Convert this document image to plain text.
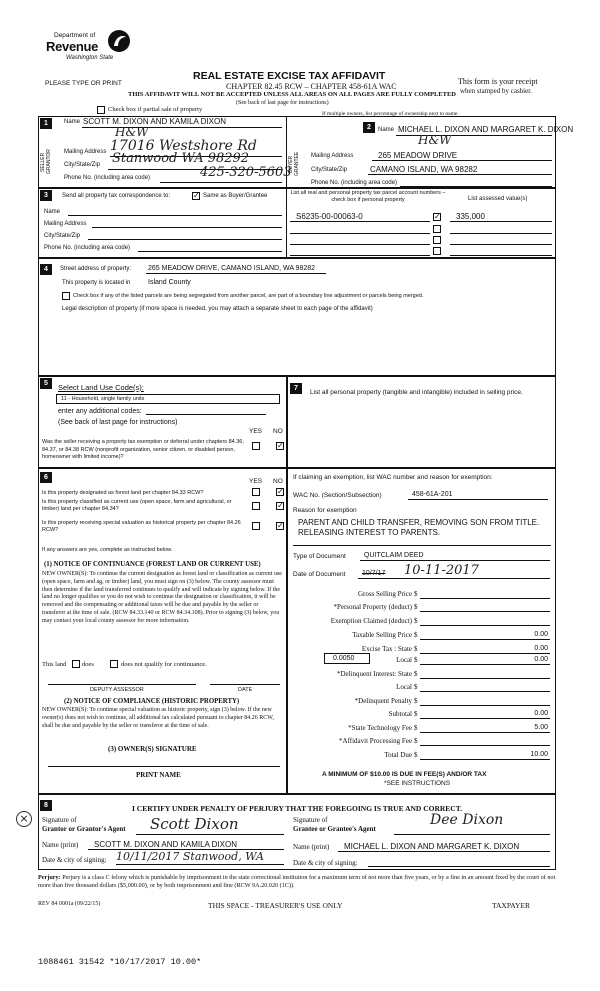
Department of
Revenue
Washington State
PLEASE TYPE OR PRINT
REAL ESTATE EXCISE TAX AFFIDAVIT
CHAPTER 82.45 RCW – CHAPTER 458-61A WAC
THIS AFFIDAVIT WILL NOT BE ACCEPTED UNLESS ALL AREAS ON ALL PAGES ARE FULLY COMPLETED
(See back of last page for instructions)
This form is your receipt
when stamped by cashier.
Check box if partial sale of property
If multiple owners, list percentage of ownership next to name.
1
SELLER GRANTOR
Name SCOTT M. DIXON AND KAMILA DIXON
H&W
Mailing Address 17016 Westshore Rd
City/State/Zip Stanwood WA 98292
Phone No. (including area code)	425-320-5603
2
BUYER GRANTEE
Name MICHAEL L. DIXON AND MARGARET K. DIXON
H&W
Mailing Address	265 MEADOW DRIVE
City/State/Zip	CAMANO ISLAND, WA 98282
Phone No. (including area code)
3	Send all property tax correspondence to:	✓ Same as Buyer/Grantee
Name
Mailing Address
City/State/Zip
Phone No. (including area code)
List all real and personal property tax parcel account numbers – check box if personal property	List assessed value(s)
S6235-00-00063-0	✓ 335,000
4	Street address of property: 265 MEADOW DRIVE, CAMANO ISLAND, WA 98282
This property is located in	Island County
Check box if any of the listed parcels are being segregated from another parcel, are part of a boundary line adjustment or parcels being merged.
Legal description of property (if more space is needed, you may attach a separate sheet to each page of the affidavit)
5	Select Land Use Code(s):
11 - Household, single family units
enter any additional codes:
(See back of last page for instructions)
YES NO
Was the seller receiving a property tax exemption or deferral under chapters 84.36, 84.37, or 84.38 RCW (nonprofit organization, senior citizen, or disabled person, homeowner with limited income)?
✓
7
List all personal property (tangible and intangible) included in selling price.
6
YES NO
Is this property designated as forest land per chapter 84.33 RCW?	✓
Is this property classified as current use (open space, farm and agricultural, or timber) land per chapter 84.34?	✓
Is this property receiving special valuation as historical property per chapter 84.26 RCW?	✓
If any answers are yes, complete as instructed below.
(1) NOTICE OF CONTINUANCE (FOREST LAND OR CURRENT USE)
NEW OWNER(S): To continue the current designation as forest land or classification as current use (open space, farm and ag, or timber) land, you must sign on (3) below. The county assessor must then determine if the land transferred continues to qualify and will indicate by signing below. If the land no longer qualifies or you do not wish to continue the designation or classification, it will be removed and the compensating or additional taxes will be due and payable by the seller or transferor at the time of sale. (RCW 84.33.140 or RCW 84.34.108). Prior to signing (3) below, you may contact your local county assessor for more information.
This land does	does not qualify for continuance.
DEPUTY ASSESSOR	DATE
(2) NOTICE OF COMPLIANCE (HISTORIC PROPERTY)
NEW OWNER(S): To continue special valuation as historic property, sign (3) below. If the new owner(s) does not wish to continue, all additional tax calculated pursuant to chapter 84.26 RCW, shall be due and payable by the seller or transferor at the time of sale.
(3) OWNER(S) SIGNATURE
PRINT NAME
If claiming an exemption, list WAC number and reason for exemption:
WAC No. (Section/Subsection)	458-61A-201
Reason for exemption
PARENT AND CHILD TRANSFER, REMOVING SON FROM TITLE. RELEASING INTEREST TO PARENTS.
Type of Document	QUITCLAIM DEED
Date of Document 10/7/17 10-11-2017
Gross Selling Price $
*Personal Property (deduct) $
Exemption Claimed (deduct) $
Taxable Selling Price $	0.00
Excise Tax : State $	0.00
Local $	0.00
*Delinquent Interest: State $
Local $
*Delinquent Penalty $
Subtotal $	0.00
*State Technology Fee $	5.00
*Affidavit Processing Fee $
Total Due $	10.00
0.0050
A MINIMUM OF $10.00 IS DUE IN FEE(S) AND/OR TAX
*SEE INSTRUCTIONS
8	I CERTIFY UNDER PENALTY OF PERJURY THAT THE FOREGOING IS TRUE AND CORRECT.
×	Signature of
Grantor or Grantor's Agent Scott Dixon	Signature of
Grantee or Grantee's Agent
Dee Dixon
Name (print) SCOTT M. DIXON AND KAMILA DIXON	Name (print) MICHAEL L. DIXON AND MARGARET K. DIXON
Date & city of signing: 10/11/2017 Stanwood, WA	Date & city of signing:
Perjury: Perjury is a class C felony which is punishable by imprisonment in the state correctional institution for a maximum term of not more than five years, or by a fine in an amount fixed by the court of not more than five thousand dollars ($5,000.00), or by both imprisonment and fine (RCW 9A.20.020 (1C)).
REV 84 0001a (09/22/15)	THIS SPACE - TREASURER'S USE ONLY	TAXPAYER
1088461 31542 *10/17/2017 10.00*
